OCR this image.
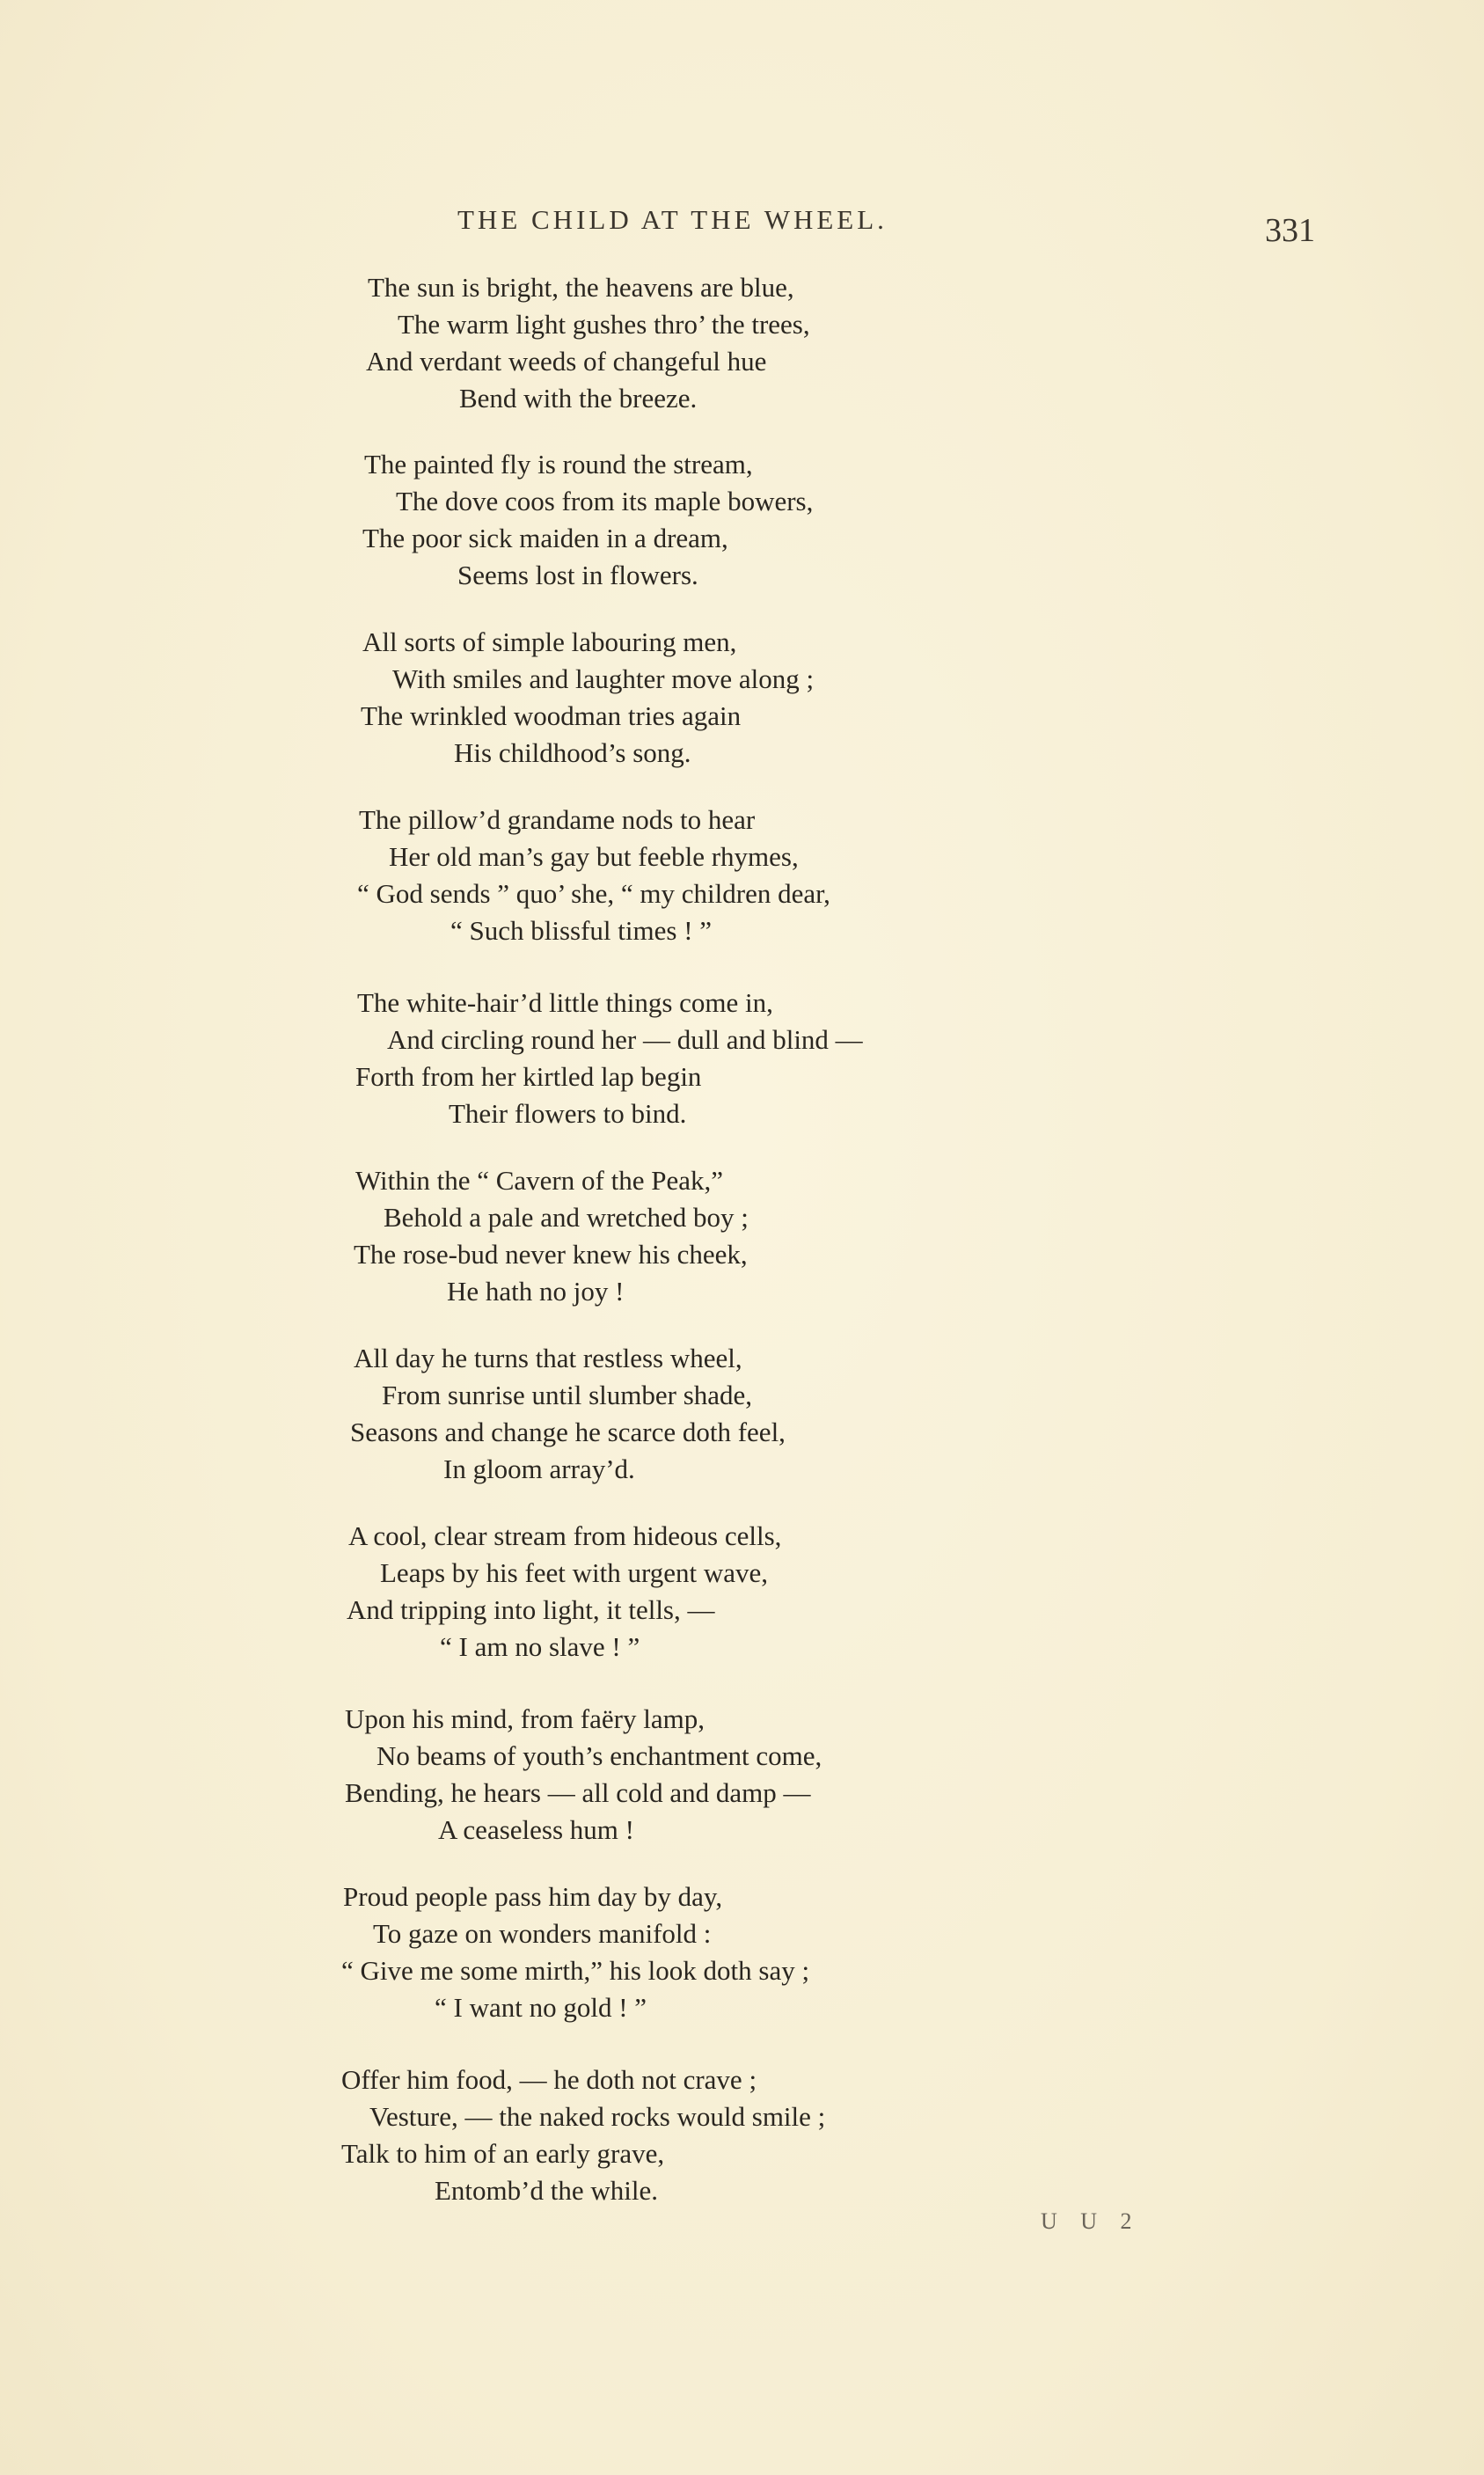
THE CHILD AT THE WHEEL.	331
The sun is bright, the heavens are blue,
The warm light gushes thro’ the trees,
And verdant weeds of changeful hue
Bend with the breeze.
The painted fly is round the stream,
The dove coos from its maple bowers,
The poor sick maiden in a dream,
Seems lost in flowers.
All sorts of simple labouring men,
With smiles and laughter move along ;
The wrinkled woodman tries again
His childhood’s song.
The pillow’d grandame nods to hear
Her old man’s gay but feeble rhymes,
“ God sends ” quo’ she, “ my children dear,
“ Such blissful times ! ”
The white-hair’d little things come in,
And circling round her — dull and blind —
Forth from her kirtled lap begin
Their flowers to bind.
Within the “ Cavern of the Peak,”
Behold a pale and wretched boy ;
The rose-bud never knew his cheek,
He hath no joy !
All day he turns that restless wheel,
From sunrise until slumber shade,
Seasons and change he scarce doth feel,
In gloom array’d.
A cool, clear stream from hideous cells,
Leaps by his feet with urgent wave,
And tripping into light, it tells, —
“ I am no slave ! ”
Upon his mind, from faëry lamp,
No beams of youth’s enchantment come,
Bending, he hears — all cold and damp —
A ceaseless hum !
Proud people pass him day by day,
To gaze on wonders manifold :
“ Give me some mirth,” his look doth say ;
“ I want no gold ! ”
Offer him food, — he doth not crave ;
Vesture, — the naked rocks would smile ;
Talk to him of an early grave,
Entomb’d the while.
U U 2
